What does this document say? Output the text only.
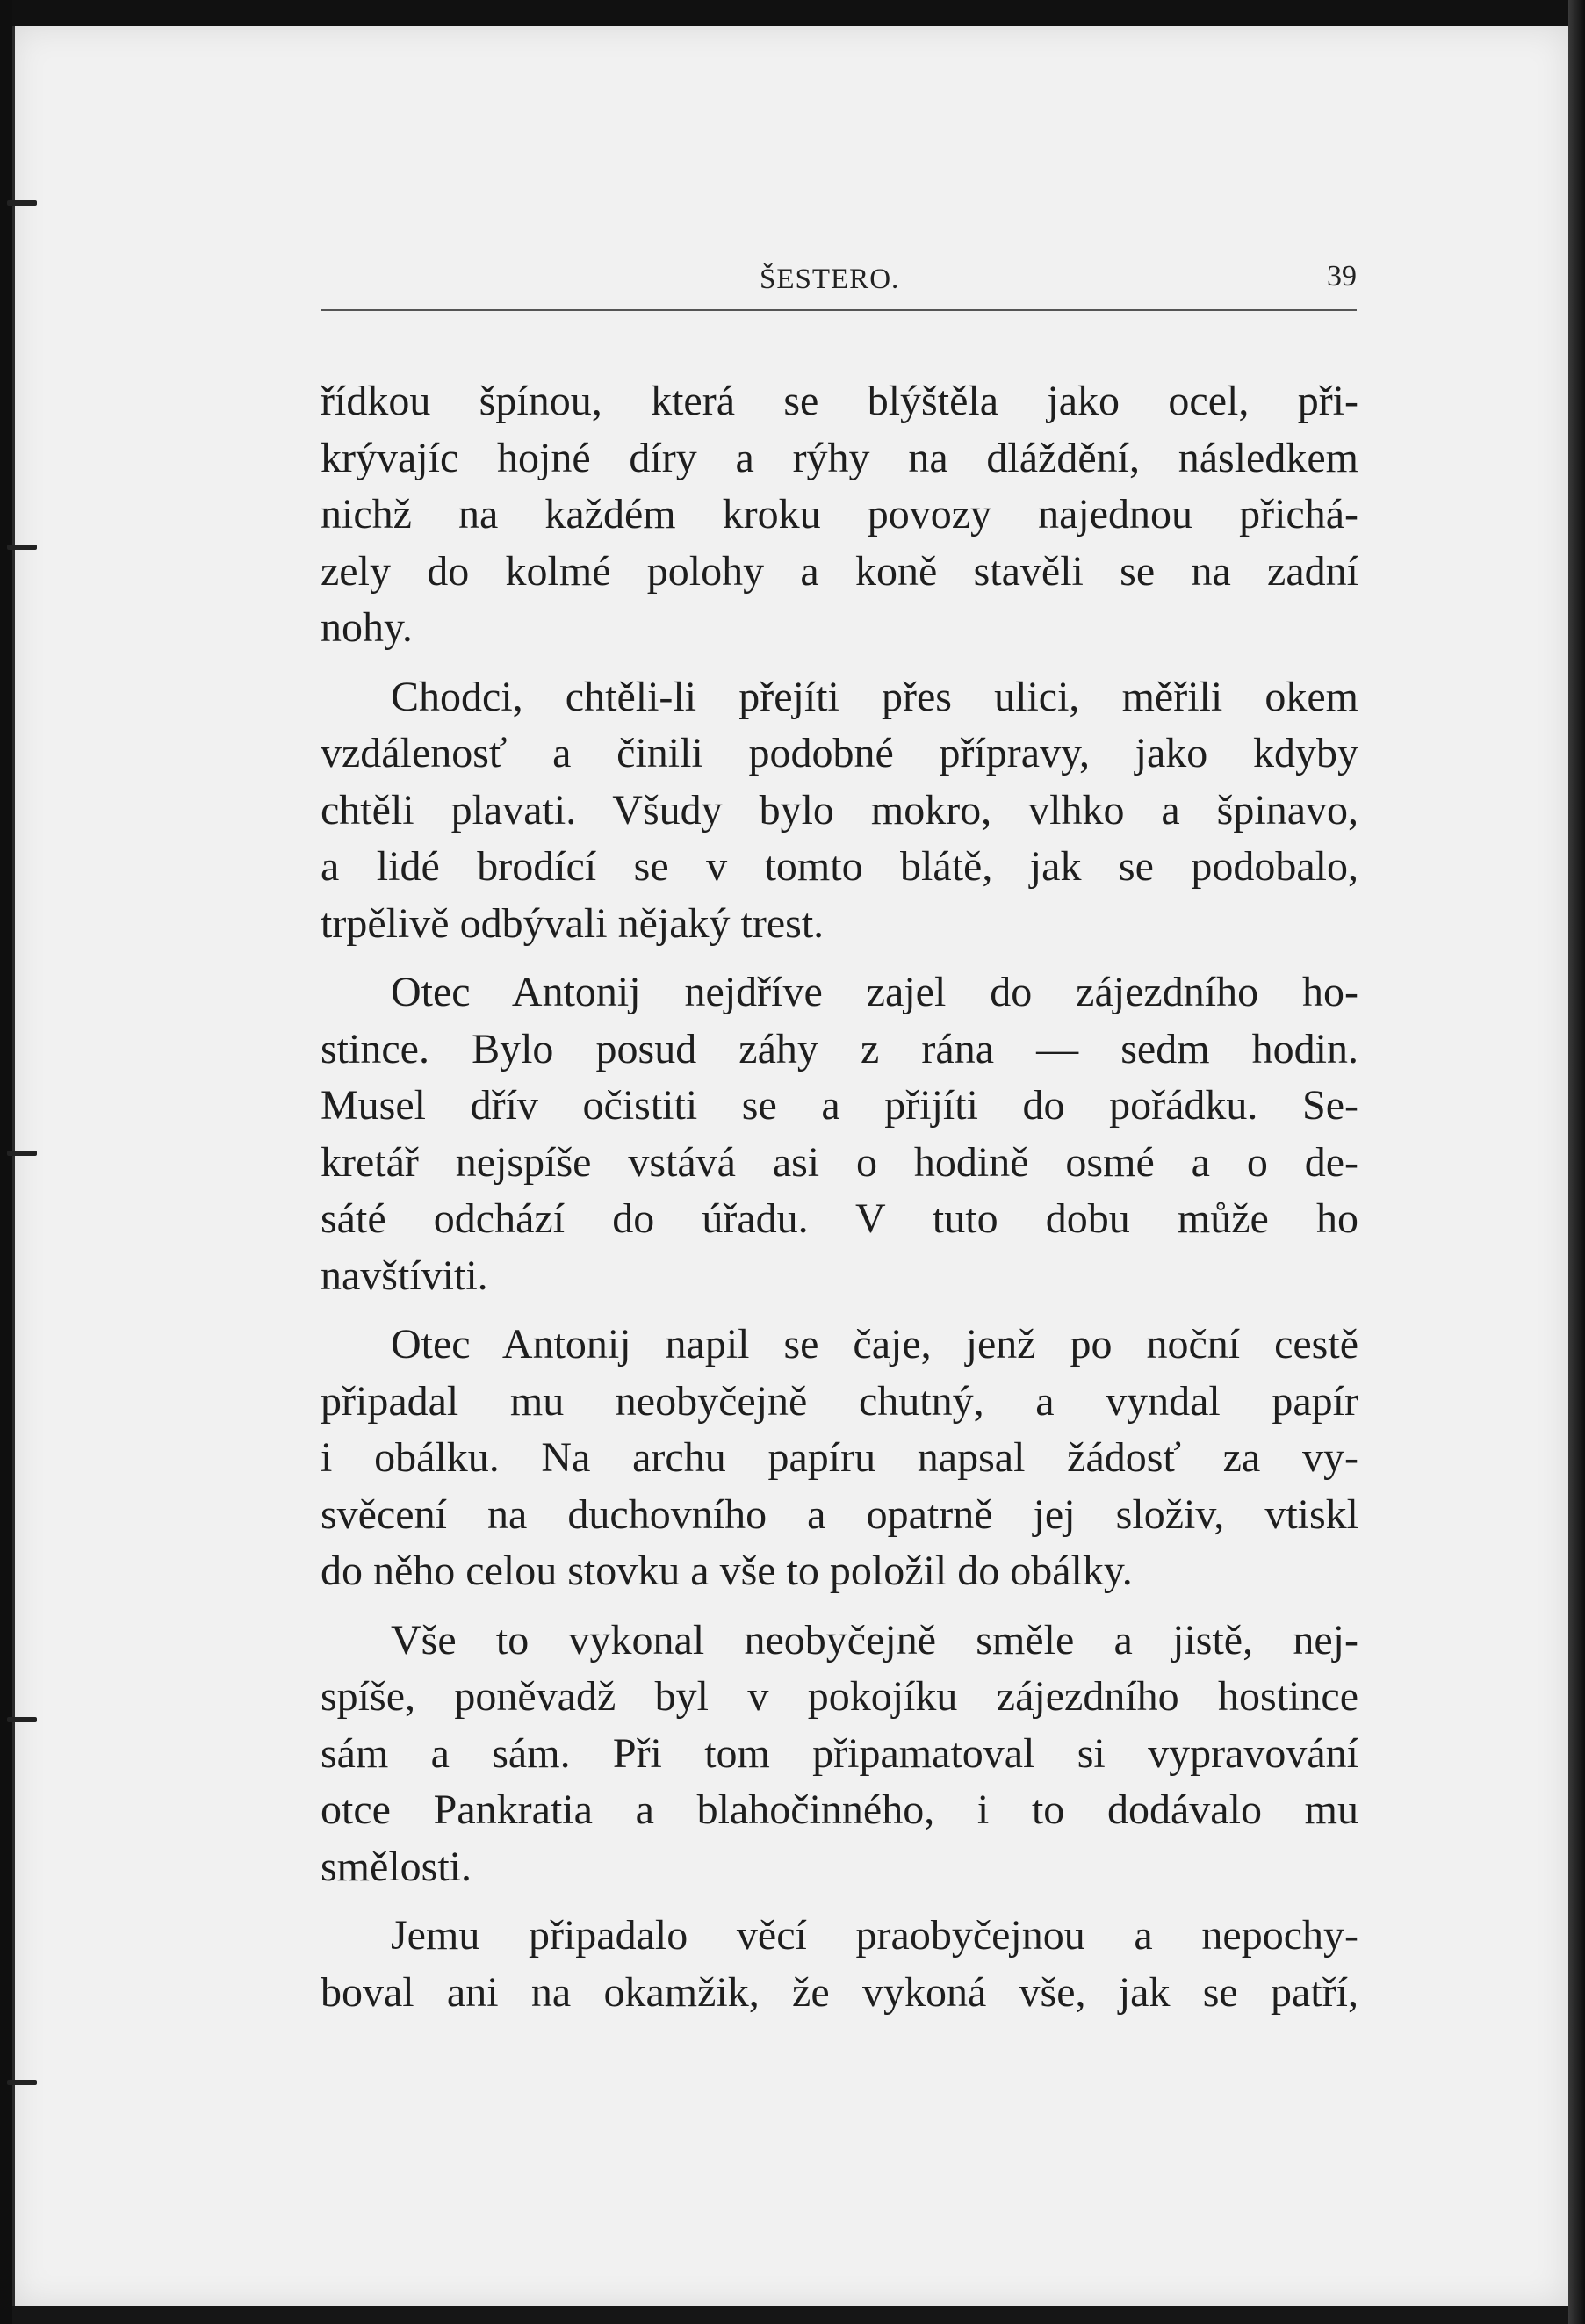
ŠESTERO.	39
řídkou špínou, která se blýštěla jako ocel, při-
krývajíc hojné díry a rýhy na dláždění, následkem
nichž na každém kroku povozy najednou přichá-
zely do kolmé polohy a koně stavěli se na zadní
nohy.
Chodci, chtěli-li přejíti přes ulici, měřili okem
vzdálenosť a činili podobné přípravy, jako kdyby
chtěli plavati. Všudy bylo mokro, vlhko a špinavo,
a lidé brodící se v tomto blátě, jak se podobalo,
trpělivě odbývali nějaký trest.
Otec Antonij nejdříve zajel do zájezdního ho-
stince. Bylo posud záhy z rána — sedm hodin.
Musel dřív očistiti se a přijíti do pořádku. Se-
kretář nejspíše vstává asi o hodině osmé a o de-
sáté odchází do úřadu. V tuto dobu může ho
navštíviti.
Otec Antonij napil se čaje, jenž po noční cestě
připadal mu neobyčejně chutný, a vyndal papír
i obálku. Na archu papíru napsal žádosť za vy-
svěcení na duchovního a opatrně jej složiv, vtiskl
do něho celou stovku a vše to položil do obálky.
Vše to vykonal neobyčejně směle a jistě, nej-
spíše, poněvadž byl v pokojíku zájezdního hostince
sám a sám. Při tom připamatoval si vypravování
otce Pankratia a blahočinného, i to dodávalo mu
smělosti.
Jemu připadalo věcí praobyčejnou a nepochy-
boval ani na okamžik, že vykoná vše, jak se patří,
